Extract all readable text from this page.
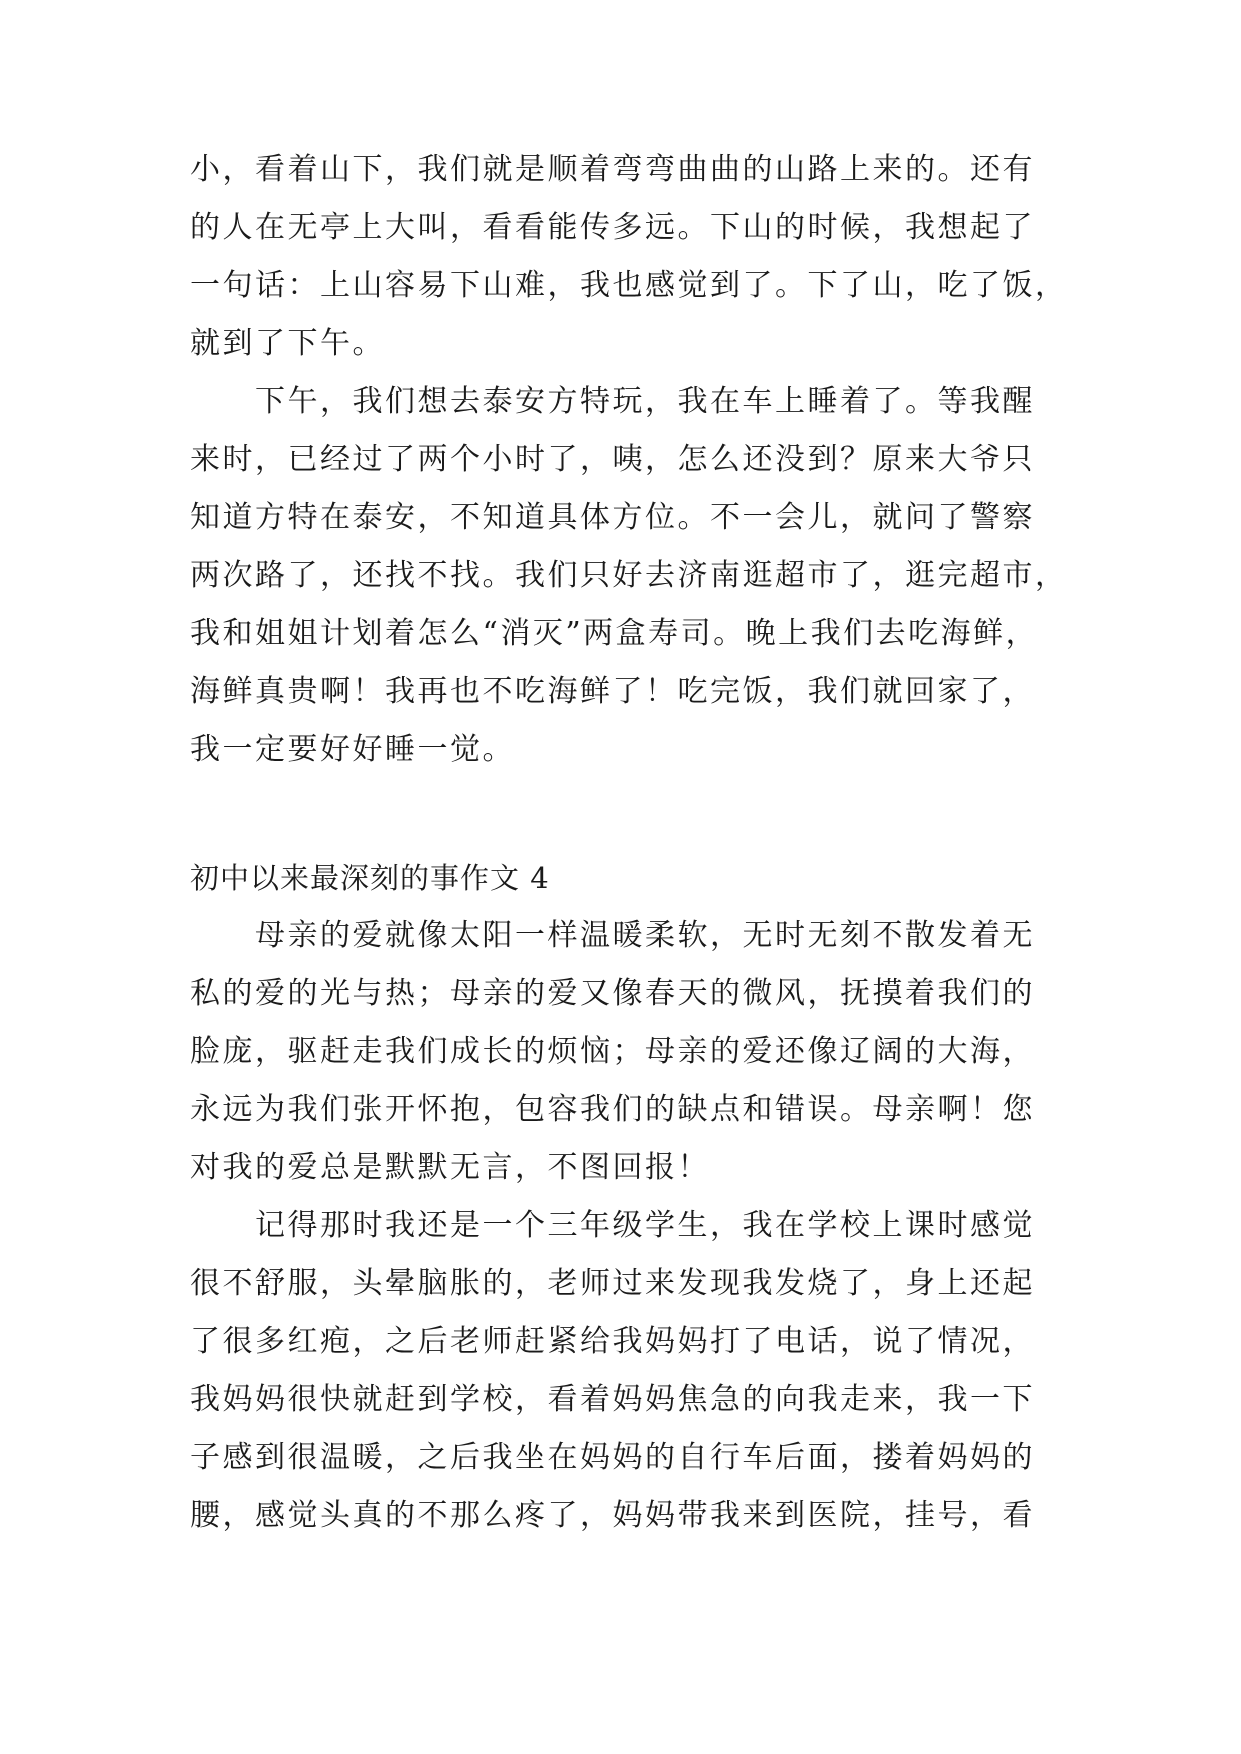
小，看着山下，我们就是顺着弯弯曲曲的山路上来的。还有
的人在无亭上大叫，看看能传多远。下山的时候，我想起了
一句话：上山容易下山难，我也感觉到了。下了山，吃了饭，
就到了下午。
下午，我们想去泰安方特玩，我在车上睡着了。等我醒
来时，已经过了两个小时了，咦，怎么还没到？原来大爷只
知道方特在泰安，不知道具体方位。不一会儿，就问了警察
两次路了，还找不找。我们只好去济南逛超市了，逛完超市，
我和姐姐计划着怎么“消灭”两盒寿司。晚上我们去吃海鲜，
海鲜真贵啊！我再也不吃海鲜了！吃完饭，我们就回家了，
我一定要好好睡一觉。
初中以来最深刻的事作文 4
母亲的爱就像太阳一样温暖柔软，无时无刻不散发着无
私的爱的光与热；母亲的爱又像春天的微风，抚摸着我们的
脸庞，驱赶走我们成长的烦恼；母亲的爱还像辽阔的大海，
永远为我们张开怀抱，包容我们的缺点和错误。母亲啊！您
对我的爱总是默默无言，不图回报！
记得那时我还是一个三年级学生，我在学校上课时感觉
很不舒服，头晕脑胀的，老师过来发现我发烧了，身上还起
了很多红疱，之后老师赶紧给我妈妈打了电话，说了情况，
我妈妈很快就赶到学校，看着妈妈焦急的向我走来，我一下
子感到很温暖，之后我坐在妈妈的自行车后面，搂着妈妈的
腰，感觉头真的不那么疼了，妈妈带我来到医院，挂号，看
